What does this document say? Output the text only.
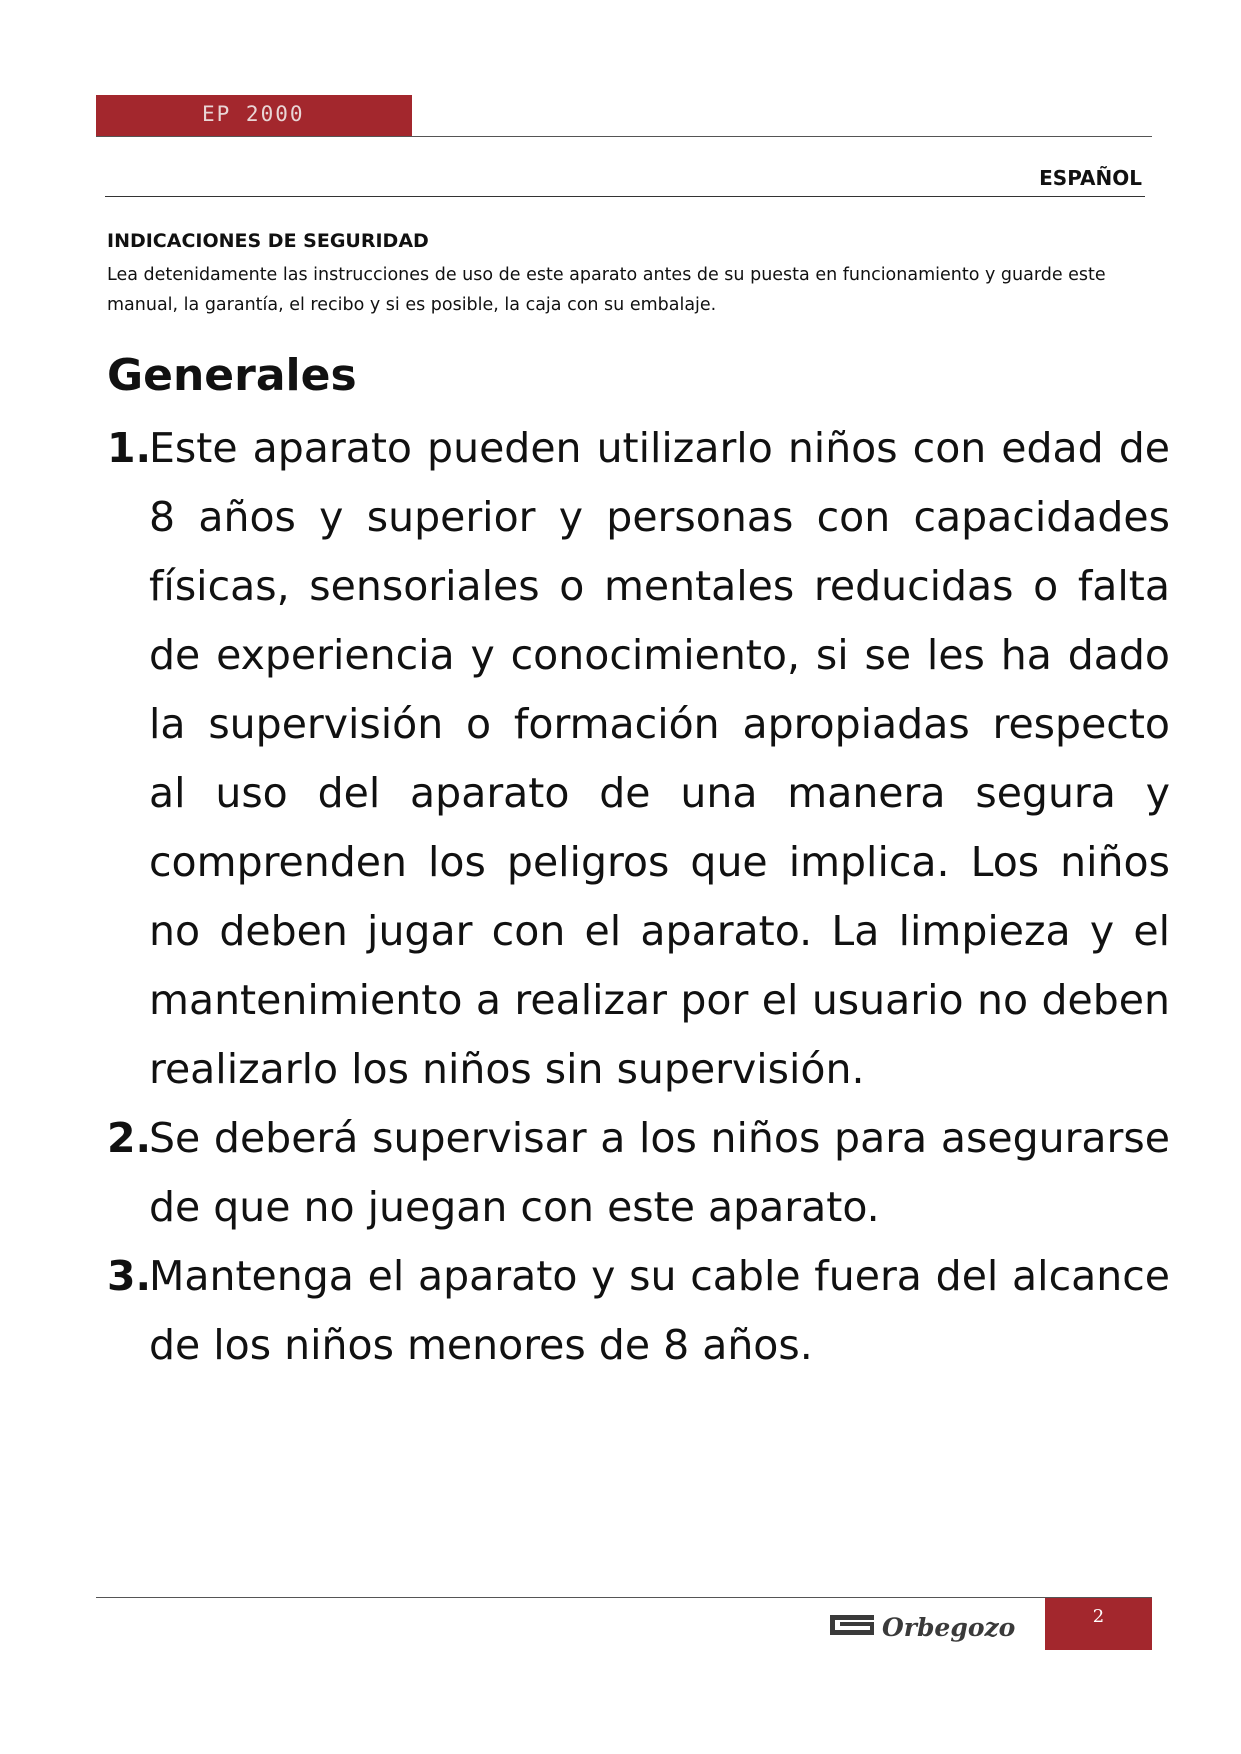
EP 2000
ESPAÑOL
INDICACIONES DE SEGURIDAD
Lea detenidamente las instrucciones de uso de este aparato antes de su puesta en funcionamiento y guarde este manual, la garantía, el recibo y si es posible, la caja con su embalaje.
Generales
1.
Este aparato pueden utilizarlo niños con edad de 8 años y superior y personas con capacidades físicas, sensoriales o mentales reducidas o falta de experiencia y conocimiento, si se les ha dado la supervisión o formación apropiadas respecto al uso del aparato de una manera segura y comprenden los peligros que implica. Los niños no deben jugar con el aparato. La limpieza y el mantenimiento a realizar por el usuario no deben realizarlo los niños sin supervisión.
2.
Se deberá supervisar a los niños para asegurarse de que no juegan con este aparato.
3.
Mantenga el aparato y su cable fuera del alcance de los niños menores de 8 años.
Orbegozo	2
